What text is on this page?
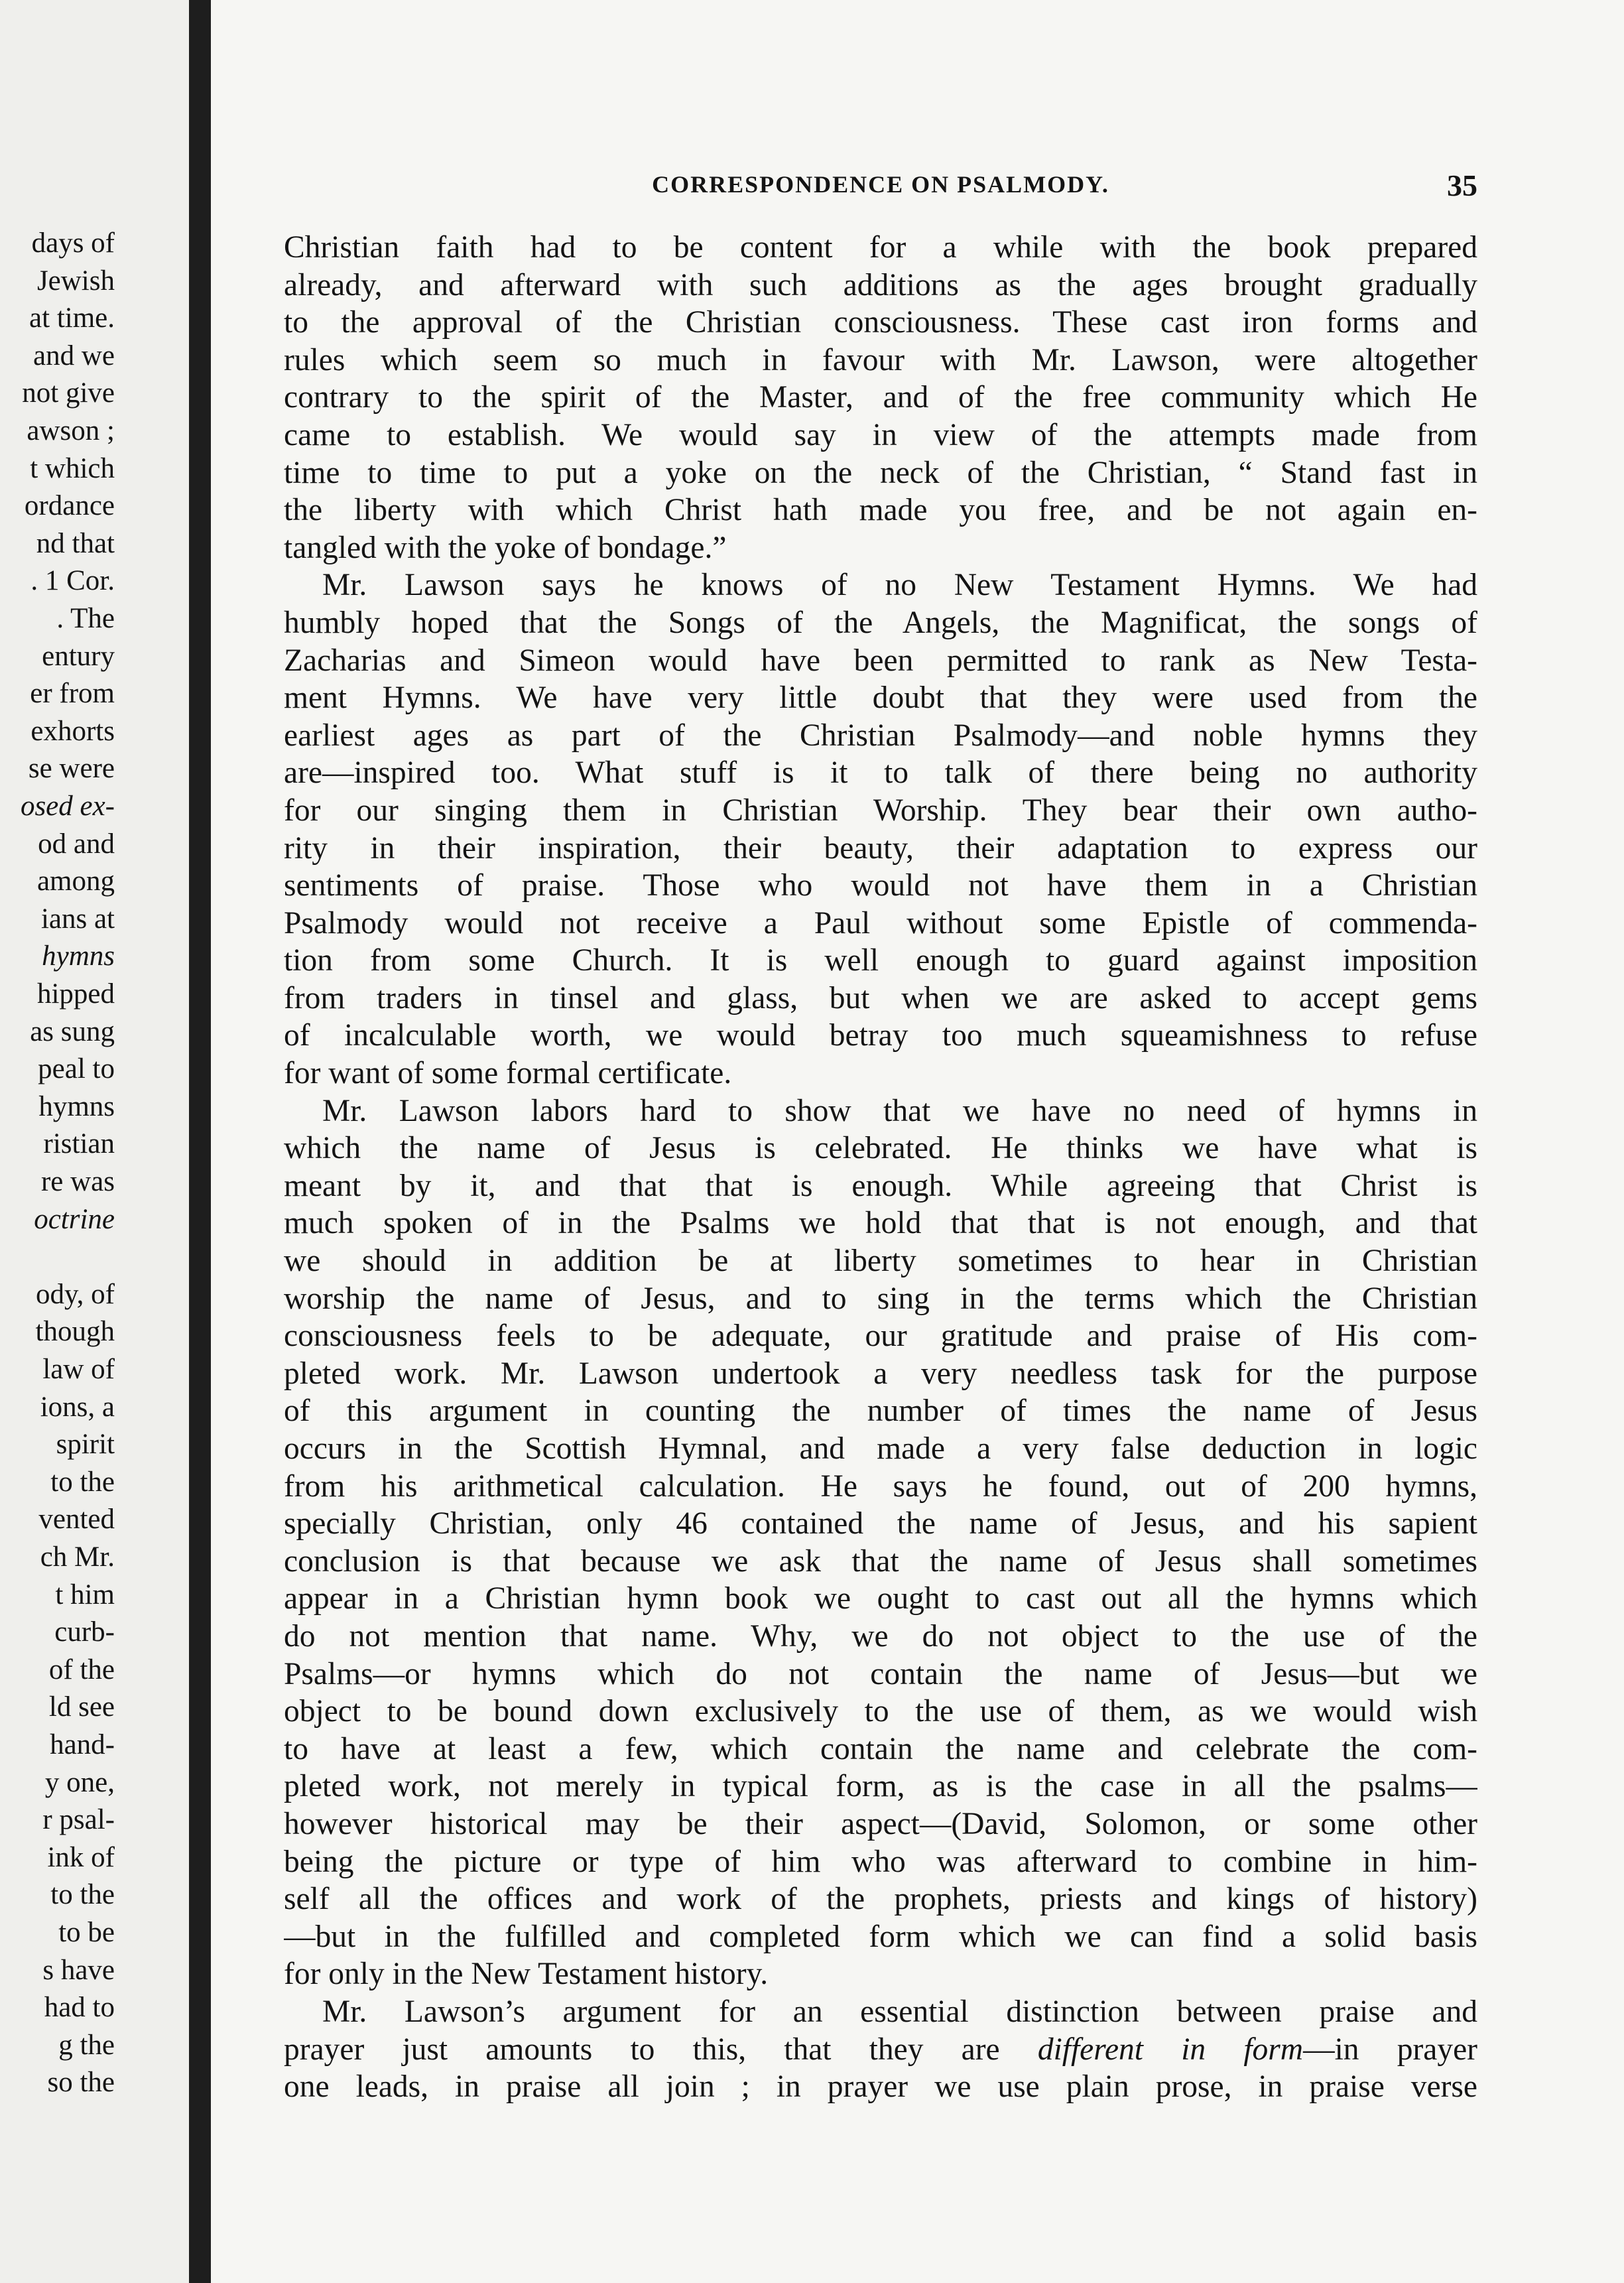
days of
Jewish
at time.
and we
not give
awson ;
t which
ordance
nd that
. 1 Cor.
. The
entury
er from
exhorts
se were
osed ex-
od and
among
ians at
hymns
hipped
as sung
peal to
hymns
ristian
re was
octrine
ody, of
though
law of
ions, a
spirit
to the
vented
ch Mr.
t him
curb-
of the
ld see
hand-
y one,
r psal-
ink of
to the
to be
s have
had to
g the
so the
CORRESPONDENCE ON PSALMODY.	35
Christian faith had to be content for a while with the book prepared
already, and afterward with such additions as the ages brought gradually
to the approval of the Christian consciousness. These cast iron forms and
rules which seem so much in favour with Mr. Lawson, were altogether
contrary to the spirit of the Master, and of the free community which He
came to establish. We would say in view of the attempts made from
time to time to put a yoke on the neck of the Christian, “ Stand fast in
the liberty with which Christ hath made you free, and be not again en-
tangled with the yoke of bondage.”
Mr. Lawson says he knows of no New Testament Hymns. We had
humbly hoped that the Songs of the Angels, the Magnificat, the songs of
Zacharias and Simeon would have been permitted to rank as New Testa-
ment Hymns. We have very little doubt that they were used from the
earliest ages as part of the Christian Psalmody—and noble hymns they
are—inspired too. What stuff is it to talk of there being no authority
for our singing them in Christian Worship. They bear their own autho-
rity in their inspiration, their beauty, their adaptation to express our
sentiments of praise. Those who would not have them in a Christian
Psalmody would not receive a Paul without some Epistle of commenda-
tion from some Church. It is well enough to guard against imposition
from traders in tinsel and glass, but when we are asked to accept gems
of incalculable worth, we would betray too much squeamishness to refuse
for want of some formal certificate.
Mr. Lawson labors hard to show that we have no need of hymns in
which the name of Jesus is celebrated. He thinks we have what is
meant by it, and that that is enough. While agreeing that Christ is
much spoken of in the Psalms we hold that that is not enough, and that
we should in addition be at liberty sometimes to hear in Christian
worship the name of Jesus, and to sing in the terms which the Christian
consciousness feels to be adequate, our gratitude and praise of His com-
pleted work. Mr. Lawson undertook a very needless task for the purpose
of this argument in counting the number of times the name of Jesus
occurs in the Scottish Hymnal, and made a very false deduction in logic
from his arithmetical calculation. He says he found, out of 200 hymns,
specially Christian, only 46 contained the name of Jesus, and his sapient
conclusion is that because we ask that the name of Jesus shall sometimes
appear in a Christian hymn book we ought to cast out all the hymns which
do not mention that name. Why, we do not object to the use of the
Psalms—or hymns which do not contain the name of Jesus—but we
object to be bound down exclusively to the use of them, as we would wish
to have at least a few, which contain the name and celebrate the com-
pleted work, not merely in typical form, as is the case in all the psalms—
however historical may be their aspect—(David, Solomon, or some other
being the picture or type of him who was afterward to combine in him-
self all the offices and work of the prophets, priests and kings of history)
—but in the fulfilled and completed form which we can find a solid basis
for only in the New Testament history.
Mr. Lawson’s argument for an essential distinction between praise and
prayer just amounts to this, that they are different in form—in prayer
one leads, in praise all join ; in prayer we use plain prose, in praise verse
